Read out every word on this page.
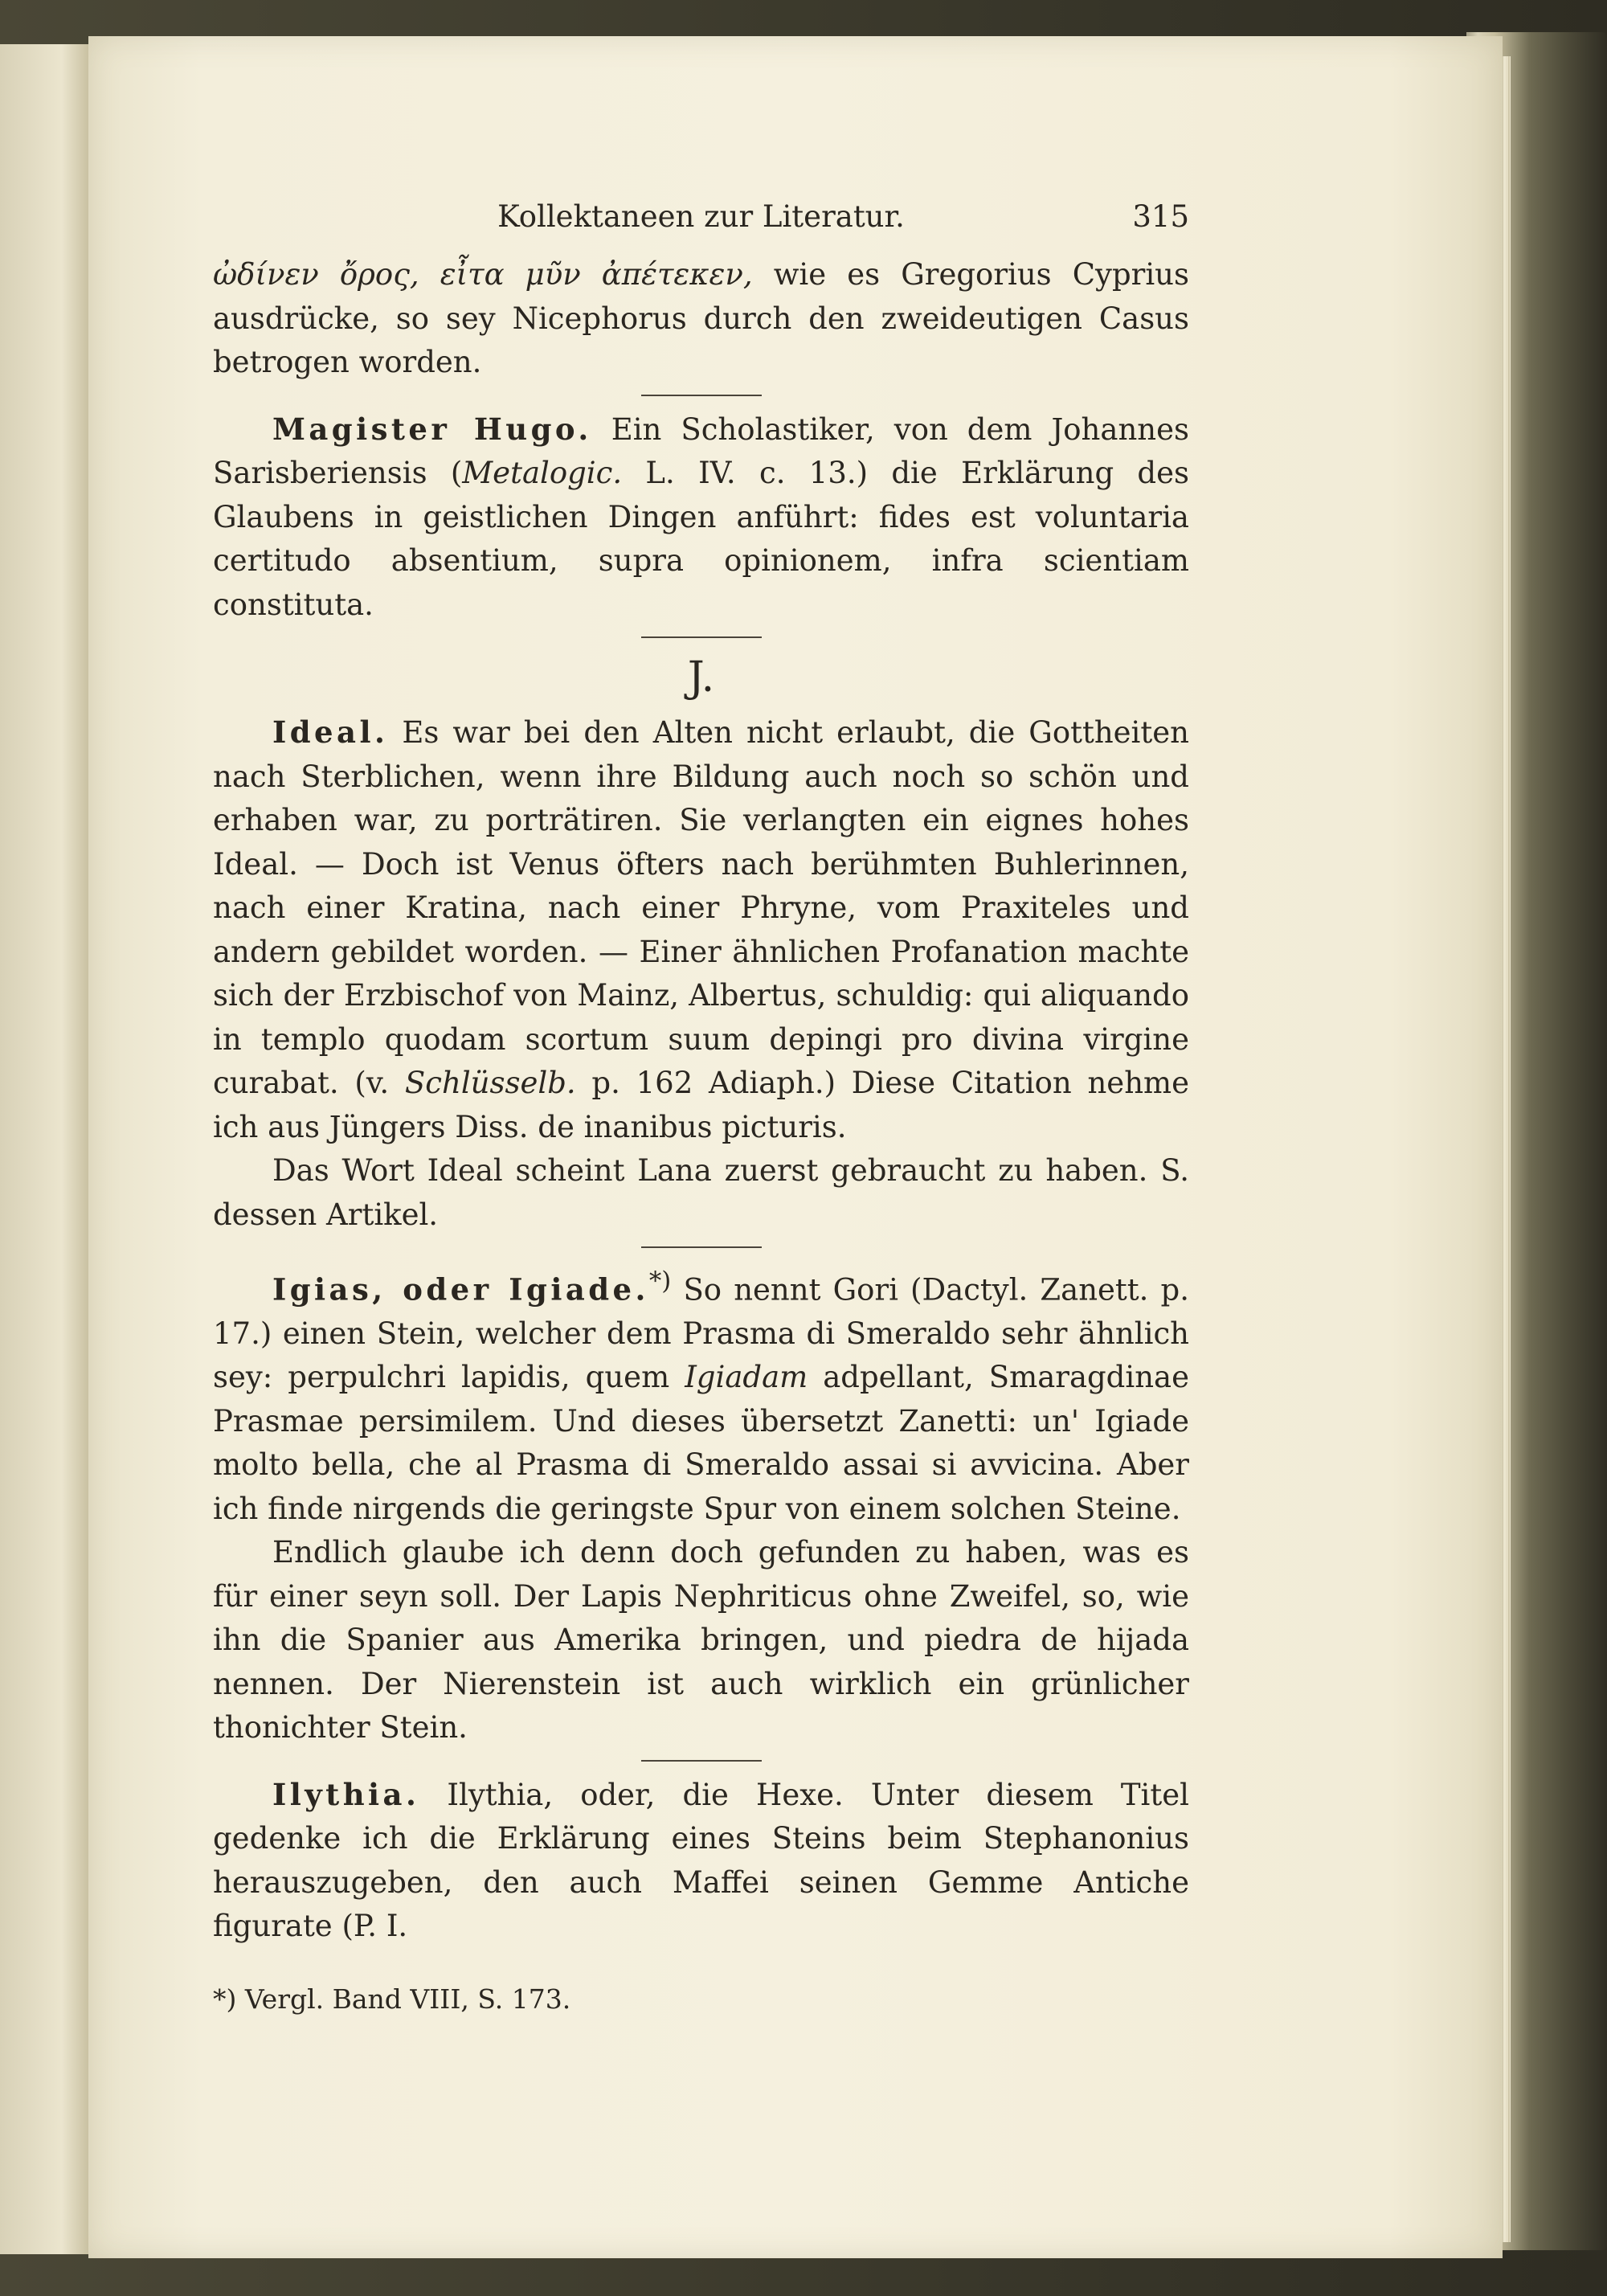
Kollektaneen zur Literatur.	315

ὠδίνεν ὄρος, εἶτα μῦν ἀπέτεκεν, wie es Gregorius Cyprius ausdrücke, so sey Nicephorus durch den zweideutigen Casus betrogen worden.

Magister Hugo. Ein Scholastiker, von dem Johannes Sarisberiensis (Metalogic. L. IV. c. 13.) die Erklärung des Glaubens in geistlichen Dingen anführt: fides est voluntaria certitudo absentium, supra opinionem, infra scientiam constituta.

J.

Ideal. Es war bei den Alten nicht erlaubt, die Gottheiten nach Sterblichen, wenn ihre Bildung auch noch so schön und erhaben war, zu porträtiren. Sie verlangten ein eignes hohes Ideal. — Doch ist Venus öfters nach berühmten Buhlerinnen, nach einer Kratina, nach einer Phryne, vom Praxiteles und andern gebildet worden. — Einer ähnlichen Profanation machte sich der Erzbischof von Mainz, Albertus, schuldig: qui aliquando in templo quodam scortum suum depingi pro divina virgine curabat. (v. Schlüsselb. p. 162 Adiaph.) Diese Citation nehme ich aus Jüngers Diss. de inanibus picturis.

Das Wort Ideal scheint Lana zuerst gebraucht zu haben. S. dessen Artikel.

Igias, oder Igiade.*) So nennt Gori (Dactyl. Zanett. p. 17.) einen Stein, welcher dem Prasma di Smeraldo sehr ähnlich sey: perpulchri lapidis, quem Igiadam adpellant, Smaragdinae Prasmae persimilem. Und dieses übersetzt Zanetti: un' Igiade molto bella, che al Prasma di Smeraldo assai si avvicina. Aber ich finde nirgends die geringste Spur von einem solchen Steine.

Endlich glaube ich denn doch gefunden zu haben, was es für einer seyn soll. Der Lapis Nephriticus ohne Zweifel, so, wie ihn die Spanier aus Amerika bringen, und piedra de hijada nennen. Der Nierenstein ist auch wirklich ein grünlicher thonichter Stein.

Ilythia. Ilythia, oder, die Hexe. Unter diesem Titel gedenke ich die Erklärung eines Steins beim Stephanonius herauszugeben, den auch Maffei seinen Gemme Antiche figurate (P. I.

*) Vergl. Band VIII, S. 173.
